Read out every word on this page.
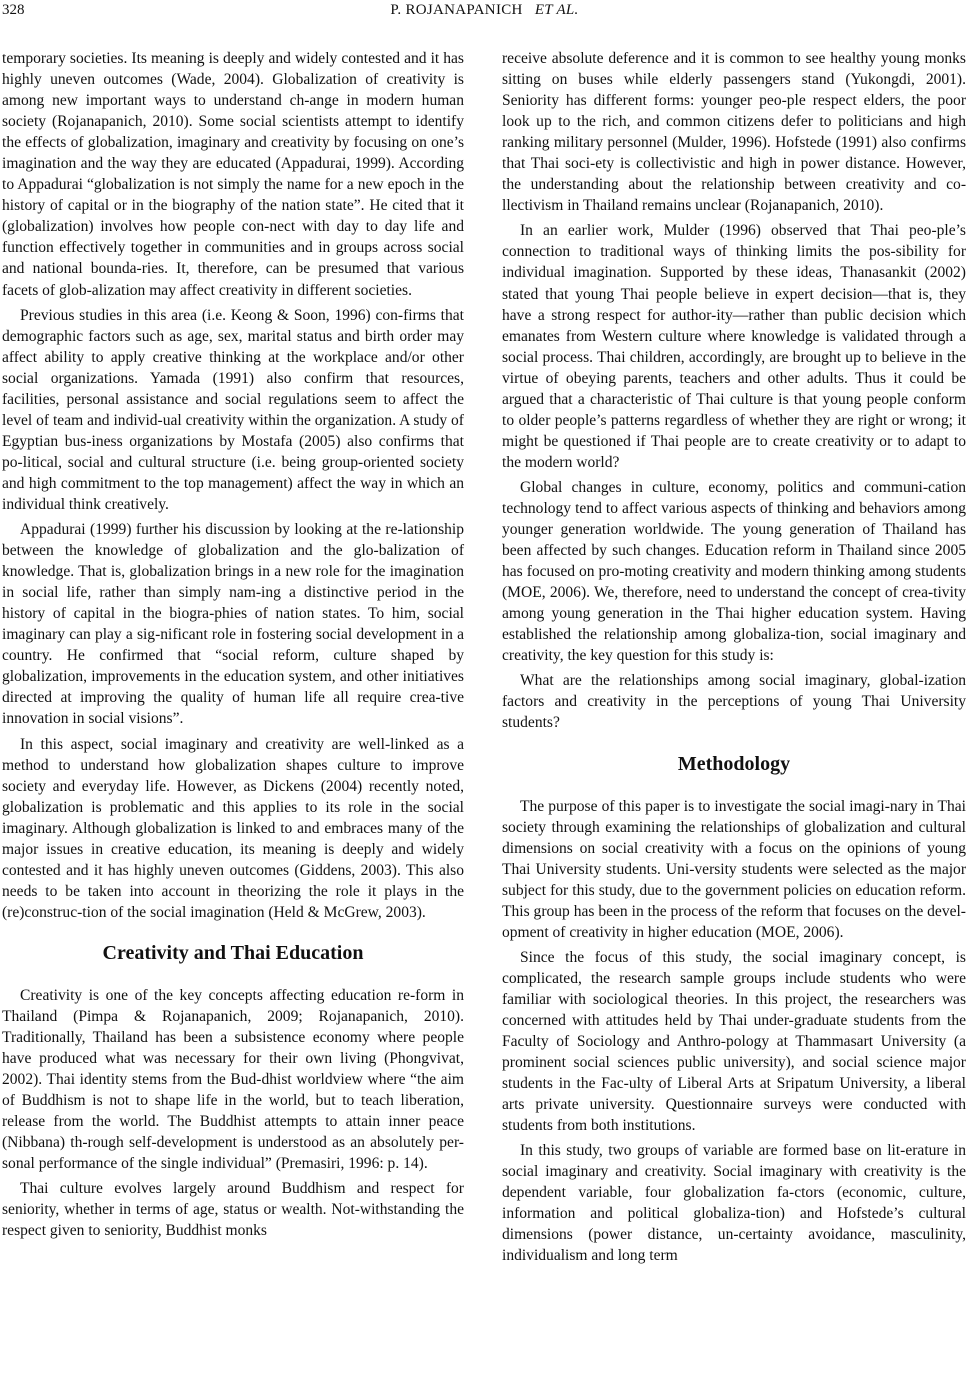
328	P. ROJANAPANICH ET AL.

temporary societies. Its meaning is deeply and widely contested and it has highly uneven outcomes (Wade, 2004). Globalization of creativity is among new important ways to understand ch-ange in modern human society (Rojanapanich, 2010). Some social scientists attempt to identify the effects of globalization, imaginary and creativity by focusing on one’s imagination and the way they are educated (Appadurai, 1999). According to Appadurai “globalization is not simply the name for a new epoch in the history of capital or in the biography of the nation state”. He cited that it (globalization) involves how people con-nect with day to day life and function effectively together in communities and in groups across social and national bounda-ries. It, therefore, can be presumed that various facets of glob-alization may affect creativity in different societies.

Previous studies in this area (i.e. Keong & Soon, 1996) con-firms that demographic factors such as age, sex, marital status and birth order may affect ability to apply creative thinking at the workplace and/or other social organizations. Yamada (1991) also confirm that resources, facilities, personal assistance and social regulations seem to affect the level of team and individ-ual creativity within the organization. A study of Egyptian bus-iness organizations by Mostafa (2005) also confirms that po-litical, social and cultural structure (i.e. being group-oriented society and high commitment to the top management) affect the way in which an individual think creatively.

Appadurai (1999) further his discussion by looking at the re-lationship between the knowledge of globalization and the glo-balization of knowledge. That is, globalization brings in a new role for the imagination in social life, rather than simply nam-ing a distinctive period in the history of capital in the biogra-phies of nation states. To him, social imaginary can play a sig-nificant role in fostering social development in a country. He confirmed that “social reform, culture shaped by globalization, improvements in the education system, and other initiatives directed at improving the quality of human life all require crea-tive innovation in social visions”.

In this aspect, social imaginary and creativity are well-linked as a method to understand how globalization shapes culture to improve society and everyday life. However, as Dickens (2004) recently noted, globalization is problematic and this applies to its role in the social imaginary. Although globalization is linked to and embraces many of the major issues in creative education, its meaning is deeply and widely contested and it has highly uneven outcomes (Giddens, 2003). This also needs to be taken into account in theorizing the role it plays in the (re)construc-tion of the social imagination (Held & McGrew, 2003).

Creativity and Thai Education

Creativity is one of the key concepts affecting education re-form in Thailand (Pimpa & Rojanapanich, 2009; Rojanapanich, 2010). Traditionally, Thailand has been a subsistence economy where people have produced what was necessary for their own living (Phongvivat, 2002). Thai identity stems from the Bud-dhist worldview where “the aim of Buddhism is not to shape life in the world, but to teach liberation, release from the world. The Buddhist attempts to attain inner peace (Nibbana) th-rough self-development is understood as an absolutely per-sonal performance of the single individual” (Premasiri, 1996: p. 14).

Thai culture evolves largely around Buddhism and respect for seniority, whether in terms of age, status or wealth. Not-withstanding the respect given to seniority, Buddhist monks

receive absolute deference and it is common to see healthy young monks sitting on buses while elderly passengers stand (Yukongdi, 2001). Seniority has different forms: younger peo-ple respect elders, the poor look up to the rich, and common citizens defer to politicians and high ranking military personnel (Mulder, 1996). Hofstede (1991) also confirms that Thai soci-ety is collectivistic and high in power distance. However, the understanding about the relationship between creativity and co-llectivism in Thailand remains unclear (Rojanapanich, 2010).

In an earlier work, Mulder (1996) observed that Thai peo-ple’s connection to traditional ways of thinking limits the pos-sibility for individual imagination. Supported by these ideas, Thanasankit (2002) stated that young Thai people believe in expert decision—that is, they have a strong respect for author-ity—rather than public decision which emanates from Western culture where knowledge is validated through a social process. Thai children, accordingly, are brought up to believe in the virtue of obeying parents, teachers and other adults. Thus it could be argued that a characteristic of Thai culture is that young people conform to older people’s patterns regardless of whether they are right or wrong; it might be questioned if Thai people are to create creativity or to adapt to the modern world?

Global changes in culture, economy, politics and communi-cation technology tend to affect various aspects of thinking and behaviors among younger generation worldwide. The young generation of Thailand has been affected by such changes. Education reform in Thailand since 2005 has focused on pro-moting creativity and modern thinking among students (MOE, 2006). We, therefore, need to understand the concept of crea-tivity among young generation in the Thai higher education system. Having established the relationship among globaliza-tion, social imaginary and creativity, the key question for this study is:

What are the relationships among social imaginary, global-ization factors and creativity in the perceptions of young Thai University students?

Methodology

The purpose of this paper is to investigate the social imagi-nary in Thai society through examining the relationships of globalization and cultural dimensions on social creativity with a focus on the opinions of young Thai University students. Uni-versity students were selected as the major subject for this study, due to the government policies on education reform. This group has been in the process of the reform that focuses on the devel-opment of creativity in higher education (MOE, 2006).

Since the focus of this study, the social imaginary concept, is complicated, the research sample groups include students who were familiar with sociological theories. In this project, the researchers was concerned with attitudes held by Thai under-graduate students from the Faculty of Sociology and Anthro-pology at Thammasart University (a prominent social sciences public university), and social science major students in the Fac-ulty of Liberal Arts at Sripatum University, a liberal arts private university. Questionnaire surveys were conducted with students from both institutions.

In this study, two groups of variable are formed base on lit-erature in social imaginary and creativity. Social imaginary with creativity is the dependent variable, four globalization fa-ctors (economic, culture, information and political globaliza-tion) and Hofstede’s cultural dimensions (power distance, un-certainty avoidance, masculinity, individualism and long term
